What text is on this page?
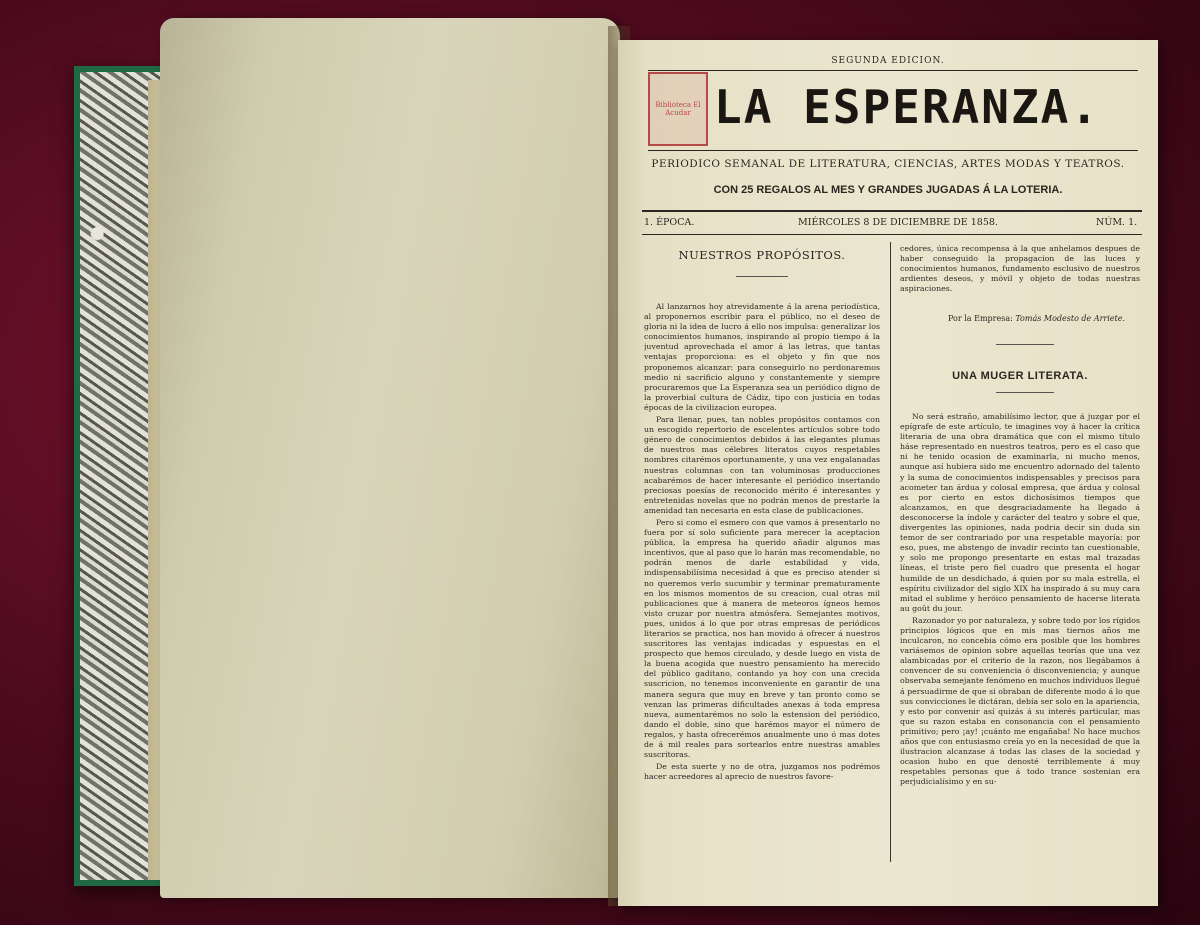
SEGUNDA EDICION.
Biblioteca El Acudar LA ESPERANZA.
PERIODICO SEMANAL DE LITERATURA, CIENCIAS, ARTES MODAS Y TEATROS.
CON 25 REGALOS AL MES Y GRANDES JUGADAS Á LA LOTERIA.
1. ÉPOCA.	MIÉRCOLES 8 DE DICIEMBRE DE 1858.	NÚM. 1.
NUESTROS PROPÓSITOS.

Al lanzarnos hoy atrevidamente á la arena periodística, al proponernos escribir para el público, no el deseo de gloria ni la idea de lucro á ello nos impulsa: generalizar los conocimientos humanos, inspirando al propio tiempo á la juventud aprovechada el amor á las letras, que tantas ventajas proporciona: es el objeto y fin que nos proponemos alcanzar: para conseguirlo no perdonaremos medio ni sacrificio alguno y constantemente y siempre procuraremos que La Esperanza sea un periódico digno de la proverbial cultura de Cádiz, tipo con justicia en todas épocas de la civilizacion europea.

Para llenar, pues, tan nobles propósitos contamos con un escogido repertorio de escelentes artículos sobre todo género de conocimientos debidos á las elegantes plumas de nuestros mas célebres literatos cuyos respetables nombres citarémos oportunamente, y una vez engalanadas nuestras columnas con tan voluminosas producciones acabarémos de hacer interesante el periódico insertando preciosas poesías de reconocido mérito é interesantes y entretenidas novelas que no podrán menos de prestarle la amenidad tan necesaria en esta clase de publicaciones.

Pero si como el esmero con que vamos á presentarlo no fuera por sí solo suficiente para merecer la aceptacion pública, la empresa ha querido añadir algunos mas incentivos, que al paso que lo harán mas recomendable, no podrán menos de darle estabilidad y vida, indispensabilísima necesidad á que es preciso atender si no queremos verlo sucumbir y terminar prematuramente en los mismos momentos de su creacion, cual otras mil publicaciones que á manera de meteoros ígneos hemos visto cruzar por nuestra atmósfera. Semejantes motivos, pues, unidos á lo que por otras empresas de periódicos literarios se practica, nos han movido á ofrecer á nuestros suscritores las ventajas indicadas y espuestas en el prospecto que hemos circulado, y desde luego en vista de la buena acogida que nuestro pensamiento ha merecido del público gaditano, contando ya hoy con una crecida suscricion, no tenemos inconveniente en garantir de una manera segura que muy en breve y tan pronto como se venzan las primeras dificultades anexas á toda empresa nueva, aumentarémos no solo la estension del periódico, dando el doble, sino que harémos mayor el número de regalos, y hasta ofrecerémos anualmente uno ó mas dotes de á mil reales para sortearlos entre nuestras amables suscritoras.

De esta suerte y no de otra, juzgamos nos podrémos hacer acreedores al aprecio de nuestros favore-

cedores, única recompensa á la que anhelamos despues de haber conseguido la propagacion de las luces y conocimientos humanos, fundamento esclusivo de nuestros ardientes deseos, y móvil y objeto de todas nuestras aspiraciones.

Por la Empresa: Tomás Modesto de Arriete.
UNA MUGER LITERATA.

No será estraño, amabilísimo lector, que á juzgar por el epígrafe de este artículo, te imagines voy á hacer la crítica literaria de una obra dramática que con el mismo título háse representado en nuestros teatros, pero es el caso que ni he tenido ocasion de examinarla, ni mucho menos, aunque así hubiera sido me encuentro adornado del talento y la suma de conocimientos indispensables y precisos para acometer tan árdua y colosal empresa, que árdua y colosal es por cierto en estos dichosísimos tiempos que alcanzamos, en que desgraciadamente ha llegado á desconocerse la índole y carácter del teatro y sobre el que, divergentes las opiniones, nada podria decir sin duda sin temor de ser contrariado por una respetable mayoría: por eso, pues, me abstengo de invadir recinto tan cuestionable, y solo me propongo presentarte en estas mal trazadas líneas, el triste pero fiel cuadro que presenta el hogar humilde de un desdichado, á quien por su mala estrella, el espíritu civilizador del siglo XIX ha inspirado á su muy cara mitad el sublime y heróico pensamiento de hacerse literata au goût du jour.

Razonador yo por naturaleza, y sobre todo por los rígidos principios lógicos que en mis mas tiernos años me inculcaron, no concebia cómo era posible que los hombres variásemos de opinion sobre aquellas teorías que una vez alambicadas por el criterio de la razon, nos llegábamos á convencer de su conveniencia ó disconveniencia; y aunque observaba semejante fenómeno en muchos individuos llegué á persuadirme de que si obraban de diferente modo á lo que sus convicciones le dictáran, debía ser solo en la apariencia, y esto por convenir así quizás á su interés particular, mas que su razon estaba en consonancia con el pensamiento primitivo; pero ¡ay! ¡cuánto me engañaba! No hace muchos años que con entusiasmo creía yo en la necesidad de que la ilustracion alcanzase á todas las clases de la sociedad y ocasion hubo en que denosté terriblemente á muy respetables personas que á todo trance sostenian era perjudicialísimo y en su-
